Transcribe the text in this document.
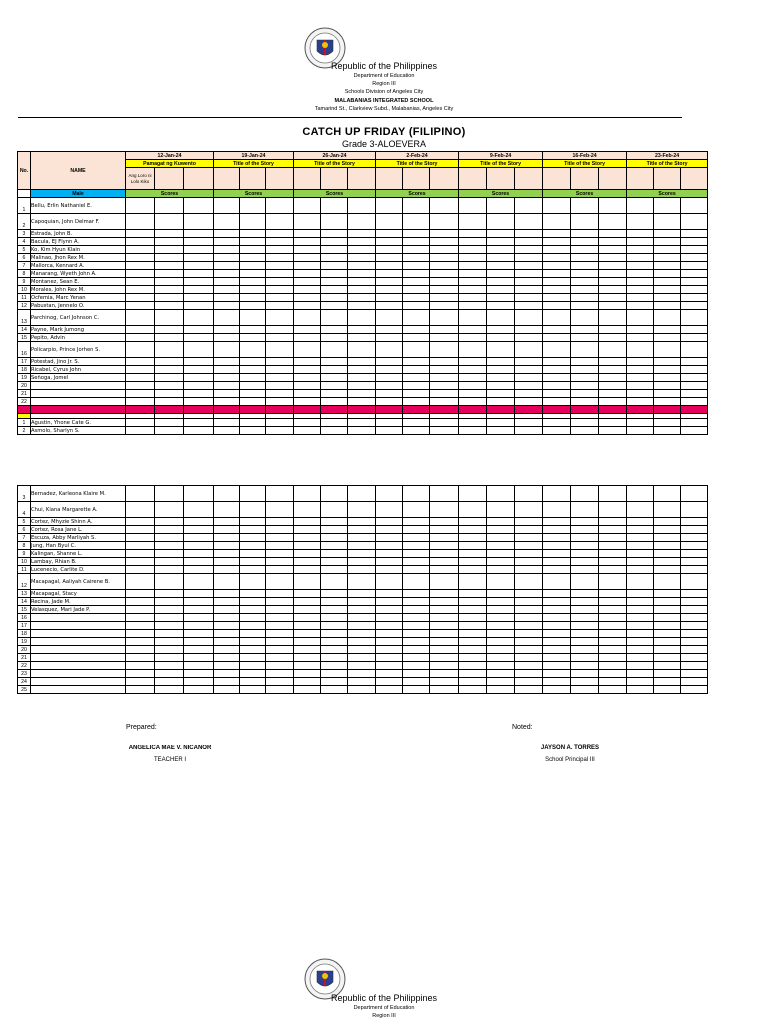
Republic of the Philippines
Department of Education
Region III
Schools Division of Angeles City
MALABANIAS INTEGRATED SCHOOL
Tamarind St., Clarkview Subd., Malabanias, Angeles City
CATCH UP FRIDAY (FILIPINO)
Grade 3-ALOEVERA
No.	NAME	12-Jan-24			19-Jan-24			26-Jan-24			2-Feb-24			9-Feb-24			16-Feb-24			23-Feb-24		
		Pamagat ng Kuwento			Title of the Story			Title of the Story			Title of the Story			Title of the Story			Title of the Story			Title of the Story		
		Ang Loro ni Lolo Kiko																				
	Male	Scores			Scores			Scores			Scores			Scores			Scores			Scores		
1	Bellu, Erlin Nathaniel E.																					
2	Capoquian, John Delmar F.																					
3	Estrada, John B.																					
4	Bacula, EJ Flynn A.																					
5	Ko, Kim Hyun Klain																					
6	Malinao, Jhon Rex M.																					
7	Mallorca, Kennard A.																					
8	Manarang, Wyeth John A.																					
9	Montanez, Sean E.																					
10	Morales, John Rex M.																					
11	Ocfemia, Marc Yenan																					
12	Pabustan, Jennelo O.																					
13	Parchinog, Carl Johnson C.																					
14	Payne, Mark Jumong																					
15	Pepito, Advin																					
16	Policarpio, Prince Jorhen S.																					
17	Potestad, Jino Jr. S.																					
18	Ricabel, Cyrus John																					
19	Señoga, Jomel																					
20																						
21																						
22																						

1	Agustin, Yhone Cate G.																					
2	Asmolo, Sharlyn S.																					
3	Bernadez, Karleona Klaire M.																					
4	Chui, Kiana Margarette A.																					
5	Cortez, Mhyzie Shinn A.																					
6	Cortez, Rosa Jane L.																					
7	Escuza, Abby Marliyah S.																					
8	Jung, Han Byul C.																					
9	Kalingan, Shanne L.																					
10	Lambay, Rhian B.																					
11	Lucenecio, Carlite D.																					
12	Macapagal, Aaliyah Cairene B.																					
13	Macapagal, Stacy																					
14	Recina, Jade M.																					
15	Velasquez, Mari Jade P.																					
16																						
17																						
18																						
19																						
20																						
21																						
22																						
23																						
24																						
25																						
Prepared:	Noted:
ANGELICA MAE V. NICANOR
TEACHER I
JAYSON A. TORRES
School Principal III
Republic of the Philippines
Department of Education
Region III
